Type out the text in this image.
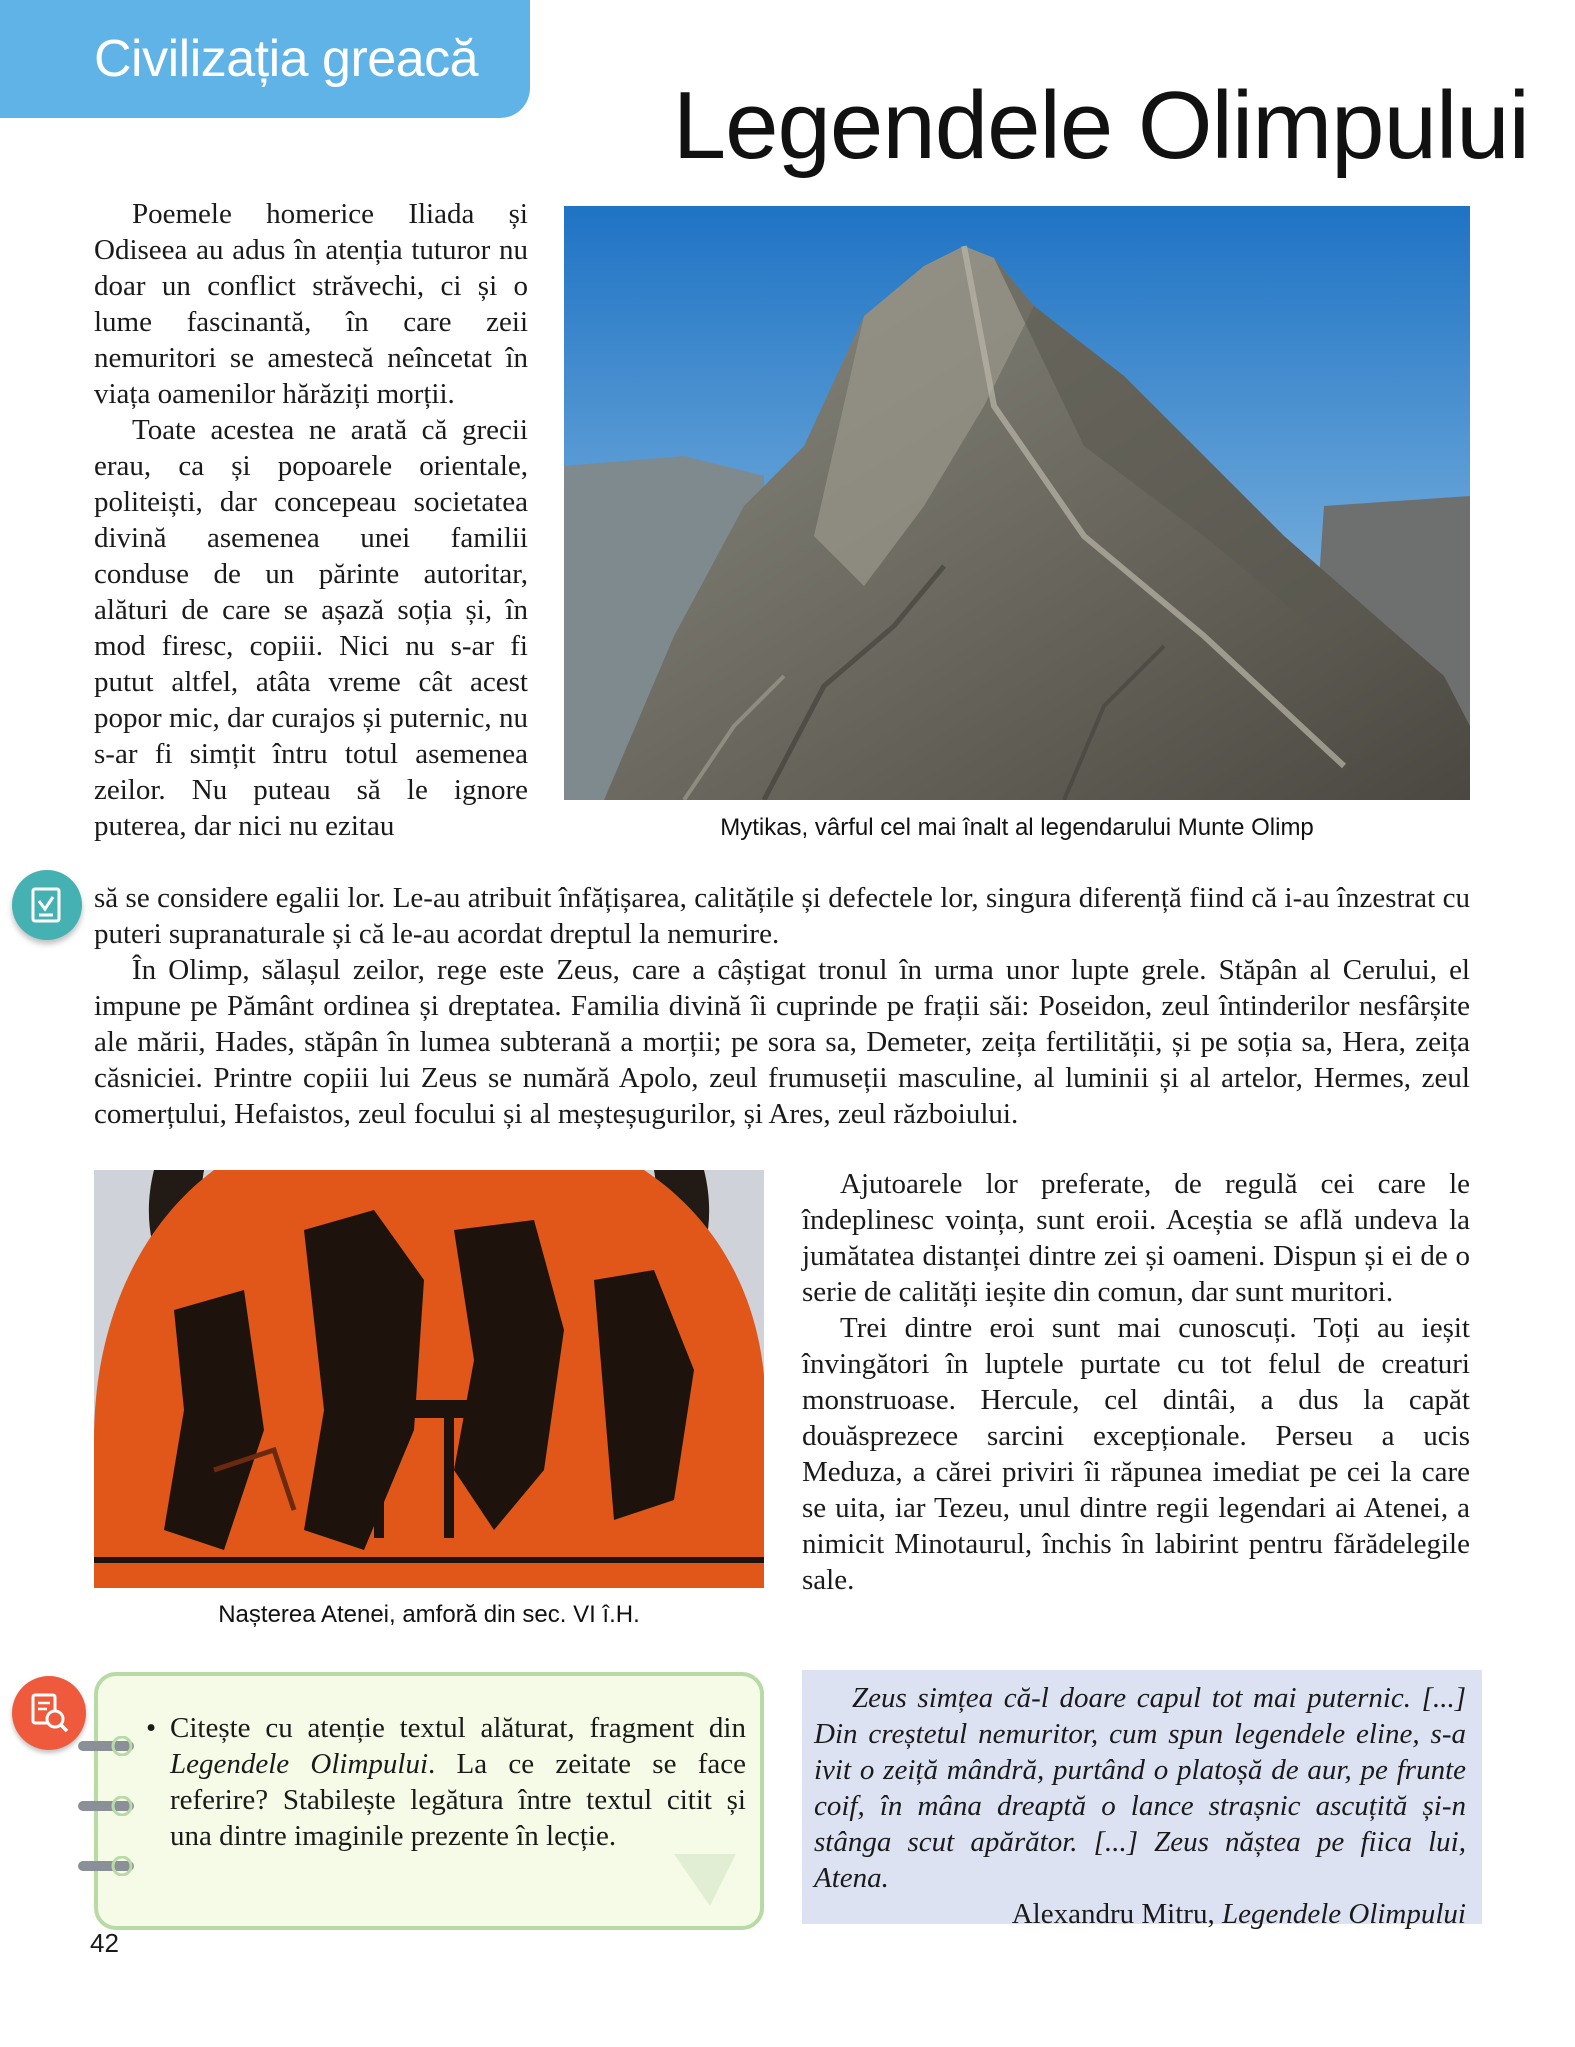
Civilizația greacă
Legendele Olimpului

Poemele homerice Iliada și Odiseea au adus în atenția tuturor nu doar un conflict străvechi, ci și o lume fascinantă, în care zeii nemuritori se amestecă neîncetat în viața oamenilor hărăziți morții.

Toate acestea ne arată că grecii erau, ca și popoarele orientale, politeiști, dar concepeau societatea divină asemenea unei familii conduse de un părinte autoritar, alături de care se așază soția și, în mod firesc, copiii. Nici nu s-ar fi putut altfel, atâta vreme cât acest popor mic, dar curajos și puternic, nu s-ar fi simțit întru totul asemenea zeilor. Nu puteau să le ignore puterea, dar nici nu ezitau	Mytikas, vârful cel mai înalt al legendarului Munte Olimp

să se considere egalii lor. Le-au atribuit înfățișarea, calitățile și defectele lor, singura diferență fiind că i-au înzestrat cu puteri supranaturale și că le-au acordat dreptul la nemurire.

În Olimp, sălașul zeilor, rege este Zeus, care a câștigat tronul în urma unor lupte grele. Stăpân al Cerului, el impune pe Pământ ordinea și dreptatea. Familia divină îi cuprinde pe frații săi: Poseidon, zeul întinderilor nesfârșite ale mării, Hades, stăpân în lumea subterană a morții; pe sora sa, Demeter, zeița fertilității, și pe soția sa, Hera, zeița căsniciei. Printre copiii lui Zeus se numără Apolo, zeul frumuseții masculine, al luminii și al artelor, Hermes, zeul comerțului, Hefaistos, zeul focului și al meșteșugurilor, și Ares, zeul războiului.

Nașterea Atenei, amforă din sec. VI î.H.

Ajutoarele lor preferate, de regulă cei care le îndeplinesc voința, sunt eroii. Aceștia se află undeva la jumătatea distanței dintre zei și oameni. Dispun și ei de o serie de calități ieșite din comun, dar sunt muritori.

Trei dintre eroi sunt mai cunoscuți. Toți au ieșit învingători în luptele purtate cu tot felul de creaturi monstruoase. Hercule, cel dintâi, a dus la capăt douăsprezece sarcini excepționale. Perseu a ucis Meduza, a cărei priviri îi răpunea imediat pe cei la care se uita, iar Tezeu, unul dintre regii legendari ai Atenei, a nimicit Minotaurul, închis în labirint pentru fărădelegile sale.

• Citește cu atenție textul alăturat, fragment din Legendele Olimpului. La ce zeitate se face referire? Stabilește legătura între textul citit și una dintre imaginile prezente în lecție.

Zeus simțea că-l doare capul tot mai puternic. [...] Din creștetul nemuritor, cum spun legendele eline, s-a ivit o zeiță mândră, purtând o platoșă de aur, pe frunte coif, în mâna dreaptă o lance strașnic ascuțită și-n stânga scut apărător. [...] Zeus năștea pe fiica lui, Atena.

Alexandru Mitru, Legendele Olimpului

42
